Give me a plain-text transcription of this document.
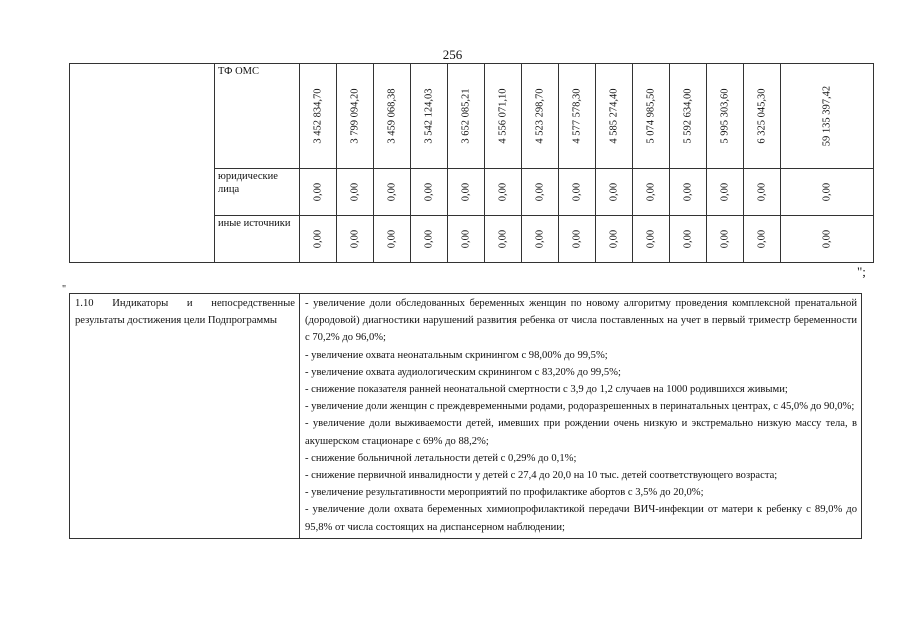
256
	ТФ ОМС	3 452 834,70	3 799 094,20	3 459 068,38	3 542 124,03	3 652 085,21	4 556 071,10	4 523 298,70	4 577 578,30	4 585 274,40	5 074 985,50	5 592 634,00	5 995 303,60	6 325 045,30	59 135 397,42

	юридические лица	0,00	0,00	0,00	0,00	0,00	0,00	0,00	0,00	0,00	0,00	0,00	0,00	0,00	0,00

	иные источники	0,00	0,00	0,00	0,00	0,00	0,00	0,00	0,00	0,00	0,00	0,00	0,00	0,00	0,00
";
"
1.10 Индикаторы и непосредственные результаты достижения цели Подпрограммы	

- увеличение доли обследованных беременных женщин по новому алгоритму проведения комплексной пренатальной (дородовой) диагностики нарушений развития ребенка от числа поставленных на учет в первый триместр беременности с 70,2% до 96,0%;

- увеличение охвата неонатальным скринингом с 98,00% до 99,5%;

- увеличение охвата аудиологическим скринингом с 83,20% до 99,5%;

- снижение показателя ранней неонатальной смертности с 3,9 до 1,2 случаев на 1000 родившихся живыми;

- увеличение доли женщин с преждевременными родами, родоразрешенных в перинатальных центрах, с 45,0% до 90,0%;

- увеличение доли выживаемости детей, имевших при рождении очень низкую и экстремально низкую массу тела, в акушерском стационаре с 69% до 88,2%;

- снижение больничной летальности детей с 0,29% до 0,1%;

- снижение первичной инвалидности у детей с 27,4 до 20,0 на 10 тыс. детей соответствующего возраста;

- увеличение результативности мероприятий по профилактике абортов с 3,5% до 20,0%;

- увеличение доли охвата беременных химиопрофилактикой передачи ВИЧ-инфекции от матери к ребенку с 89,0% до 95,8% от числа состоящих на диспансерном наблюдении;
